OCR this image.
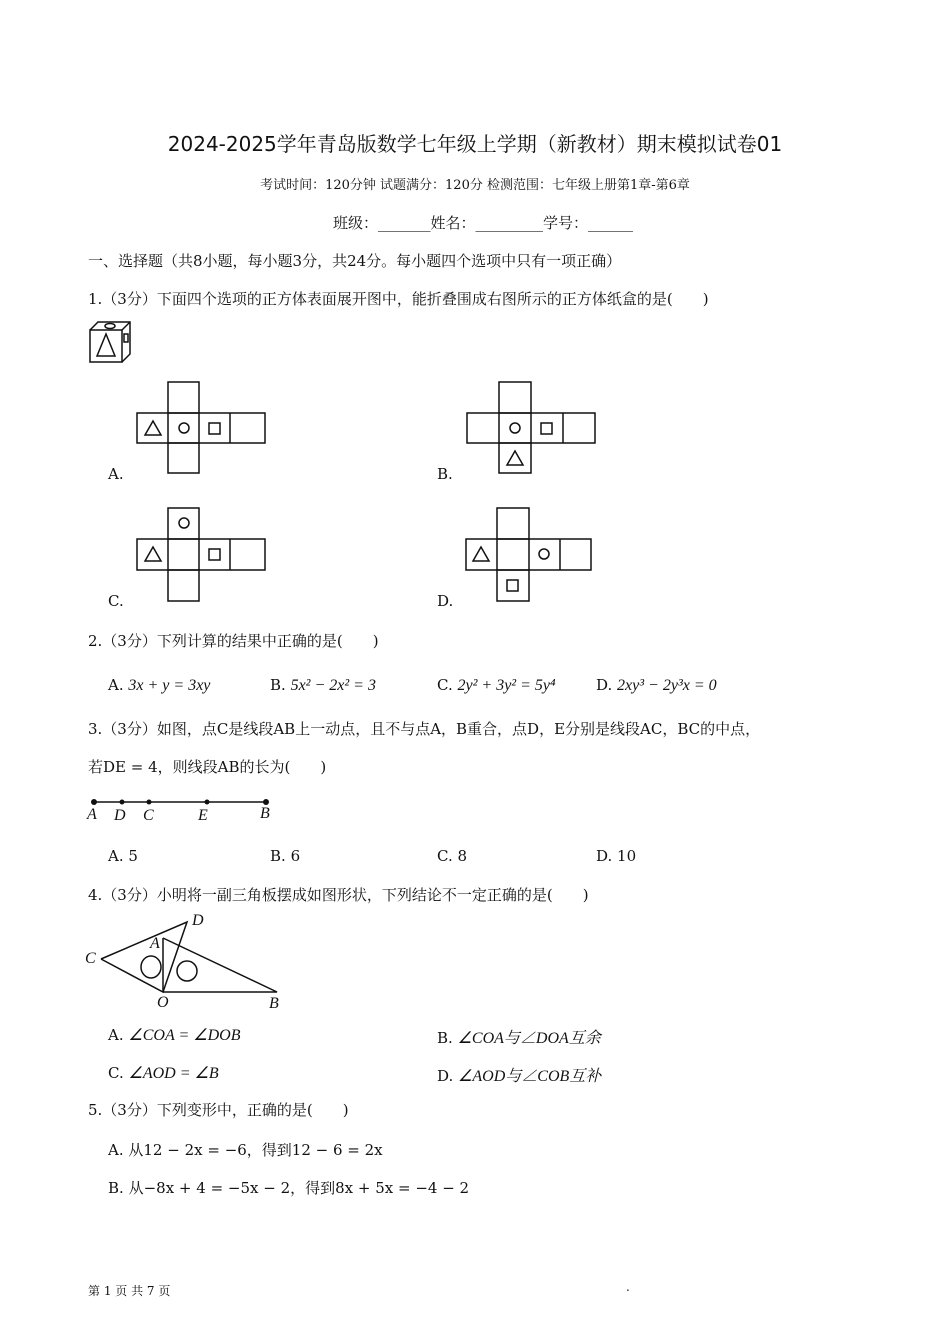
2024-2025学年青岛版数学七年级上学期（新教材）期末模拟试卷01
考试时间：120分钟 试题满分：120分 检测范围：七年级上册第1章-第6章
班级：_______姓名：_________学号：______
一、选择题（共8小题，每小题3分，共24分。每小题四个选项中只有一项正确）
1.（3分）下面四个选项的正方体表面展开图中，能折叠围成右图所示的正方体纸盒的是(　　)
A.	B.
C.	D.
2.（3分）下列计算的结果中正确的是(　　)
A. 3x + y = 3xy	B. 5x² − 2x² = 3	C. 2y² + 3y² = 5y⁴	D. 2xy³ − 2y³x = 0
3.（3分）如图，点C是线段AB上一动点，且不与点A，B重合，点D，E分别是线段AC，BC的中点，
若DE = 4，则线段AB的长为(　　)
A D C	E	B
A. 5	B. 6	C. 8	D. 10
4.（3分）小明将一副三角板摆成如图形状，下列结论不一定正确的是(　　)
C
D
A
O	B
A. ∠COA = ∠DOB	B. ∠COA与∠DOA互余
C. ∠AOD = ∠B	D. ∠AOD与∠COB互补
5.（3分）下列变形中，正确的是(　　)
A. 从12 − 2x = −6，得到12 − 6 = 2x
B. 从−8x + 4 = −5x − 2，得到8x + 5x = −4 − 2
第 1 页 共 7 页	.
